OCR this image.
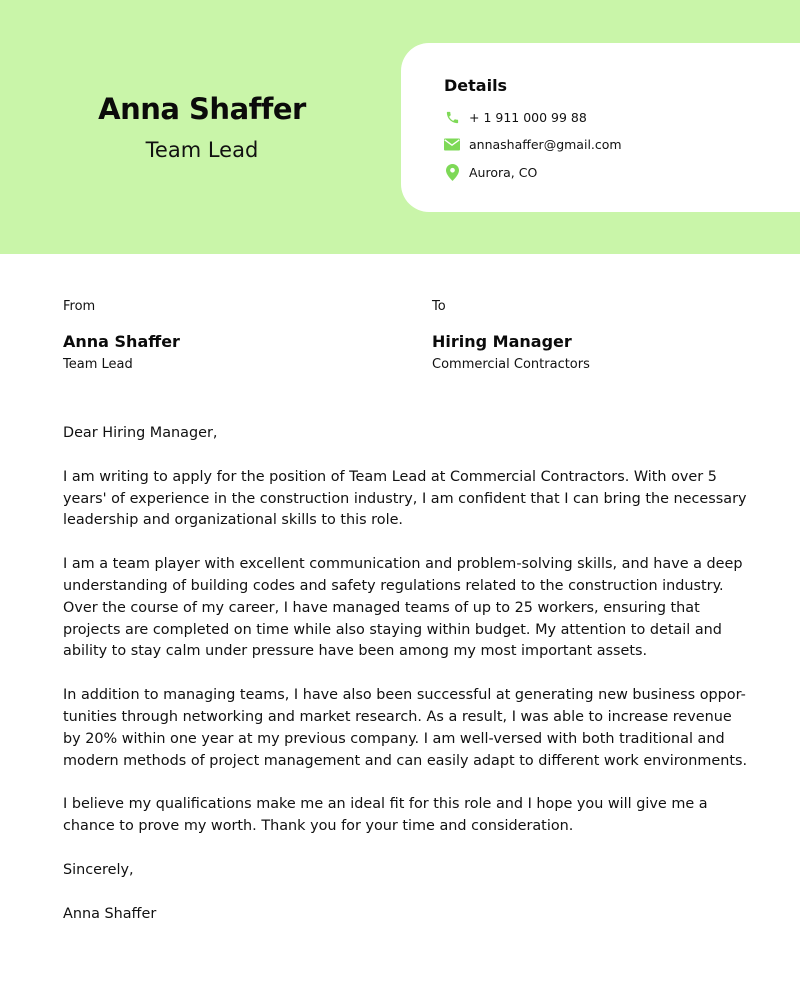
Anna Shaffer
Team Lead
Details
+ 1 911 000 99 88
annashaffer@gmail.com
Aurora, CO
From
Anna Shaffer
Team Lead
To
Hiring Manager
Commercial Contractors

Dear Hiring Manager,

I am writing to apply for the position of Team Lead at Commercial Contractors. With over 5 years' of experience in the construction industry, I am confident that I can bring the necessary leadership and organizational skills to this role.

I am a team player with excellent communication and problem-solving skills, and have a deep understanding of building codes and safety regulations related to the construction industry. Over the course of my career, I have managed teams of up to 25 workers, ensuring that projects are completed on time while also staying within budget. My attention to detail and ability to stay calm under pressure have been among my most important assets.

In addition to managing teams, I have also been successful at generating new business oppor-tunities through networking and market research. As a result, I was able to increase revenue by 20% within one year at my previous company. I am well-versed with both traditional and modern methods of project management and can easily adapt to different work environments.

I believe my qualifications make me an ideal fit for this role and I hope you will give me a chance to prove my worth. Thank you for your time and consideration.

Sincerely,

Anna Shaffer
